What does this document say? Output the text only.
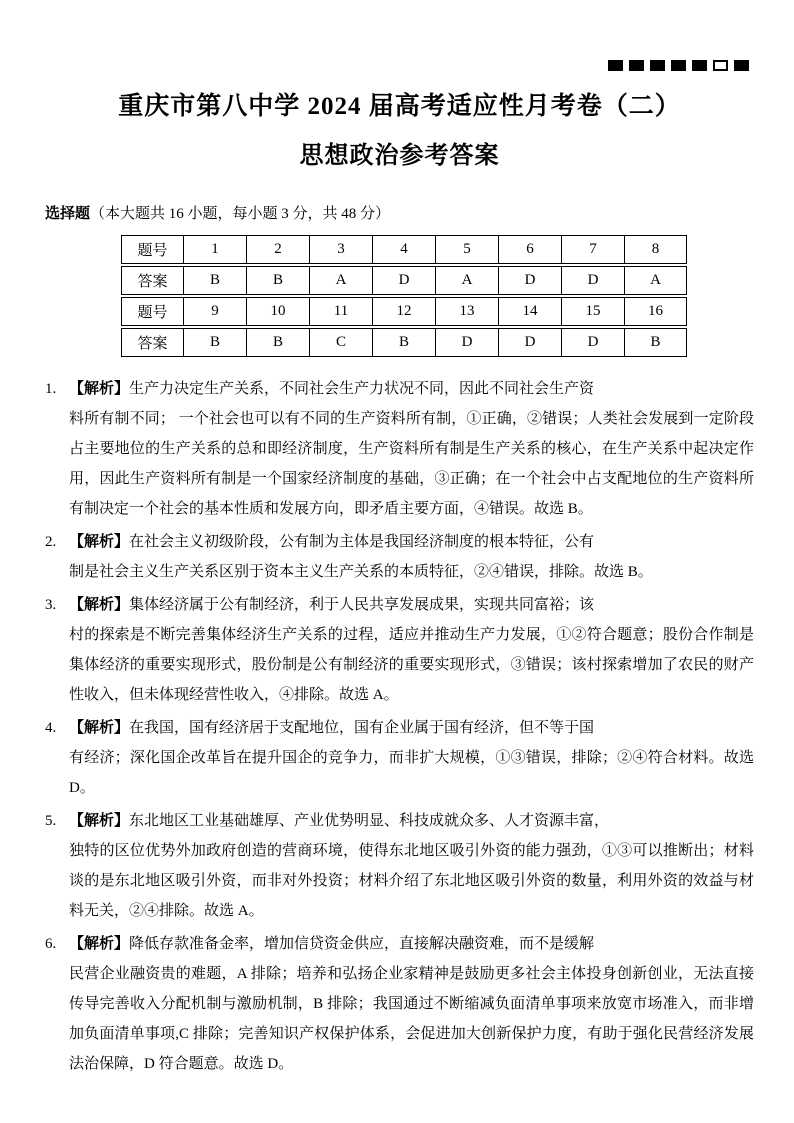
重庆市第八中学 2024 届高考适应性月考卷（二）
思想政治参考答案
选择题（本大题共 16 小题，每小题 3 分，共 48 分）
题号	1	2	3	4	5	6	7	8
答案	B	B	A	D	A	D	D	A
题号	9	10	11	12	13	14	15	16
答案	B	B	C	B	D	D	D	B
1. 【解析】生产力决定生产关系，不同社会生产力状况不同，因此不同社会生产资
料所有制不同； 一个社会也可以有不同的生产资料所有制，①正确，②错误；人类社会发展到一定阶段占主要地位的生产关系的总和即经济制度，生产资料所有制是生产关系的核心，在生产关系中起决定作用，因此生产资料所有制是一个国家经济制度的基础，③正确；在一个社会中占支配地位的生产资料所有制决定一个社会的基本性质和发展方向，即矛盾主要方面，④错误。故选 B。
2. 【解析】在社会主义初级阶段，公有制为主体是我国经济制度的根本特征，公有
制是社会主义生产关系区别于资本主义生产关系的本质特征，②④错误，排除。故选 B。
3. 【解析】集体经济属于公有制经济，利于人民共享发展成果，实现共同富裕；该
村的探索是不断完善集体经济生产关系的过程，适应并推动生产力发展，①②符合题意；股份合作制是集体经济的重要实现形式，股份制是公有制经济的重要实现形式，③错误；该村探索增加了农民的财产性收入，但未体现经营性收入，④排除。故选 A。
4. 【解析】在我国，国有经济居于支配地位，国有企业属于国有经济，但不等于国
有经济；深化国企改革旨在提升国企的竞争力，而非扩大规模，①③错误，排除；②④符合材料。故选 D。
5. 【解析】东北地区工业基础雄厚、产业优势明显、科技成就众多、人才资源丰富，
独特的区位优势外加政府创造的营商环境，使得东北地区吸引外资的能力强劲，①③可以推断出；材料谈的是东北地区吸引外资，而非对外投资；材料介绍了东北地区吸引外资的数量，利用外资的效益与材料无关，②④排除。故选 A。
6. 【解析】降低存款准备金率，增加信贷资金供应，直接解决融资难，而不是缓解
民营企业融资贵的难题，A 排除；培养和弘扬企业家精神是鼓励更多社会主体投身创新创业，无法直接传导完善收入分配机制与激励机制，B 排除；我国通过不断缩减负面清单事项来放宽市场准入，而非增加负面清单事项,C 排除；完善知识产权保护体系，会促进加大创新保护力度，有助于强化民营经济发展法治保障，D 符合题意。故选 D。
